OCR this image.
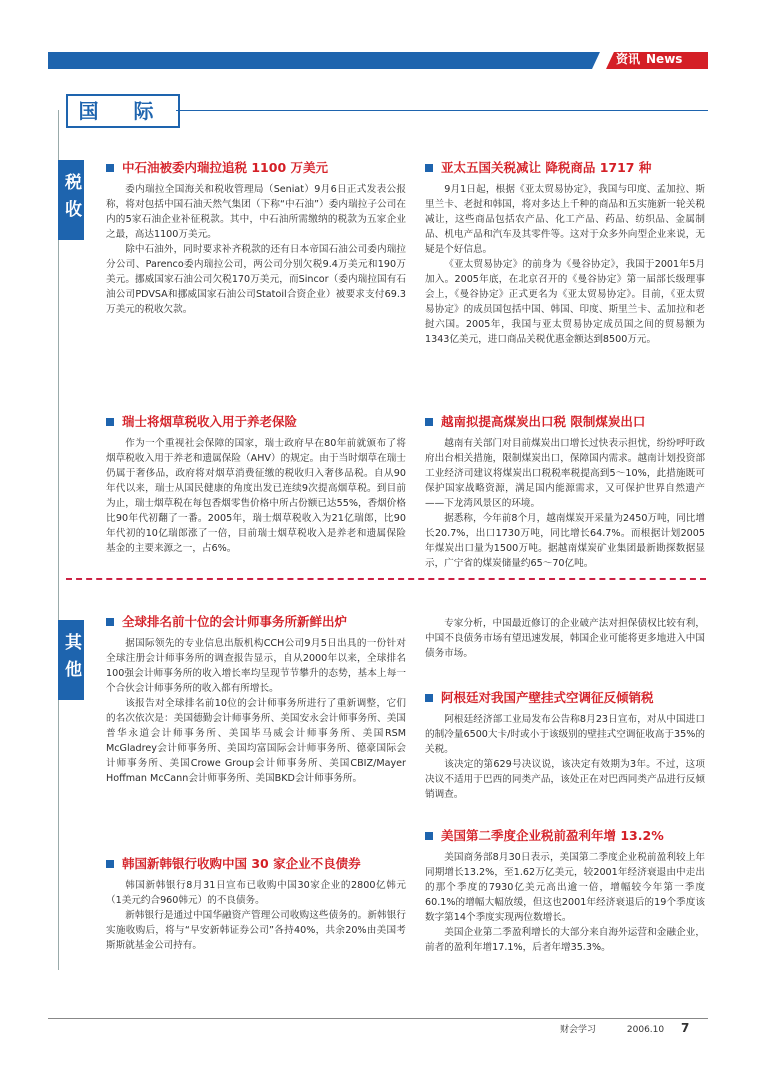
资讯 News
国 际
税收
其他
中石油被委内瑞拉追税 1100 万美元

委内瑞拉全国海关和税收管理局（Seniat）9月6日正式发表公报称，将对包括中国石油天然气集团（下称“中石油”）委内瑞拉子公司在内的5家石油企业补征税款。其中，中石油所需缴纳的税款为五家企业之最，高达1100万美元。

除中石油外，同时要求补齐税款的还有日本帝国石油公司委内瑞拉分公司、Parenco委内瑞拉公司，两公司分别欠税9.4万美元和190万美元。挪威国家石油公司欠税170万美元，而Sincor（委内瑞拉国有石油公司PDVSA和挪威国家石油公司Statoil合资企业）被要求支付69.3万美元的税收欠款。

瑞士将烟草税收入用于养老保险

作为一个重视社会保障的国家，瑞士政府早在80年前就颁布了将烟草税收入用于养老和遗属保险（AHV）的规定。由于当时烟草在瑞士仍属于奢侈品，政府将对烟草消费征缴的税收归入奢侈品税。自从90年代以来，瑞士从国民健康的角度出发已连续9次提高烟草税。到目前为止，瑞士烟草税在每包香烟零售价格中所占份额已达55%，香烟价格比90年代初翻了一番。2005年，瑞士烟草税收入为21亿瑞郎，比90年代初的10亿瑞郎涨了一倍，目前瑞士烟草税收入是养老和遗属保险基金的主要来源之一，占6%。

亚太五国关税减让 降税商品 1717 种

9月1日起，根据《亚太贸易协定》，我国与印度、孟加拉、斯里兰卡、老挝和韩国，将对多达上千种的商品和五实施新一轮关税减让，这些商品包括农产品、化工产品、药品、纺织品、金属制品、机电产品和汽车及其零件等。这对于众多外向型企业来说，无疑是个好信息。

《亚太贸易协定》的前身为《曼谷协定》，我国于2001年5月加入。2005年底，在北京召开的《曼谷协定》第一届部长级理事会上，《曼谷协定》正式更名为《亚太贸易协定》。目前，《亚太贸易协定》的成员国包括中国、韩国、印度、斯里兰卡、孟加拉和老挝六国。2005年，我国与亚太贸易协定成员国之间的贸易额为1343亿美元，进口商品关税优惠金额达到8500万元。

越南拟提高煤炭出口税 限制煤炭出口

越南有关部门对目前煤炭出口增长过快表示担忧，纷纷呼吁政府出台相关措施，限制煤炭出口，保障国内需求。越南计划投资部工业经济司建议将煤炭出口税税率税提高到5～10%，此措施既可保护国家战略资源，满足国内能源需求，又可保护世界自然遗产——下龙湾风景区的环境。

据悉称，今年前8个月，越南煤炭开采量为2450万吨，同比增长20.7%，出口1730万吨，同比增长64.7%。而根据计划2005年煤炭出口量为1500万吨。据越南煤炭矿业集团最新勘探数据显示，广宁省的煤炭储量约65～70亿吨。

全球排名前十位的会计师事务所新鲜出炉

据国际领先的专业信息出版机构CCH公司9月5日出具的一份针对全球注册会计师事务所的调查报告显示，自从2000年以来，全球排名100强会计师事务所的收入增长率均呈现节节攀升的态势，基本上每一个合伙会计师事务所的收入都有所增长。

该报告对全球排名前10位的会计师事务所进行了重新调整，它们的名次依次是：美国德勤会计师事务所、美国安永会计师事务所、美国普华永道会计师事务所、美国毕马威会计师事务所、美国RSM McGladrey会计师事务所、美国均富国际会计师事务所、德豪国际会计师事务所、美国Crowe Group会计师事务所、美国CBIZ/Mayer Hoffman McCann会计师事务所、美国BKD会计师事务所。

韩国新韩银行收购中国 30 家企业不良债券

韩国新韩银行8月31日宣布已收购中国30家企业的2800亿韩元（1美元约合960韩元）的不良债务。

新韩银行是通过中国华融资产管理公司收购这些债务的。新韩银行实施收购后，将与“早安新韩证券公司”各持40%，共余20%由美国考斯斯就基金公司持有。

专家分析，中国最近修订的企业破产法对担保债权比较有利，中国不良债务市场有望迅速发展，韩国企业可能将更多地进入中国债务市场。

阿根廷对我国产壁挂式空调征反倾销税

阿根廷经济部工业局发布公告称8月23日宣布，对从中国进口的制冷量6500大卡/时或小于该级别的壁挂式空调征收高于35%的关税。

该决定的第629号决议说，该决定有效期为3年。不过，这项决议不适用于巴西的同类产品，该处正在对巴西同类产品进行反倾销调查。

美国第二季度企业税前盈利年增 13.2%

美国商务部8月30日表示，美国第二季度企业税前盈利较上年同期增长13.2%，至1.62万亿美元，较2001年经济衰退由中走出的那个季度的7930亿美元高出逾一倍，增幅较今年第一季度60.1%的增幅大幅放缓，但这也2001年经济衰退后的19个季度该数字第14个季度实现两位数增长。

美国企业第二季盈利增长的大部分来自海外运营和金融企业，前者的盈利年增17.1%，后者年增35.3%。

财会学习	2006.10 7
